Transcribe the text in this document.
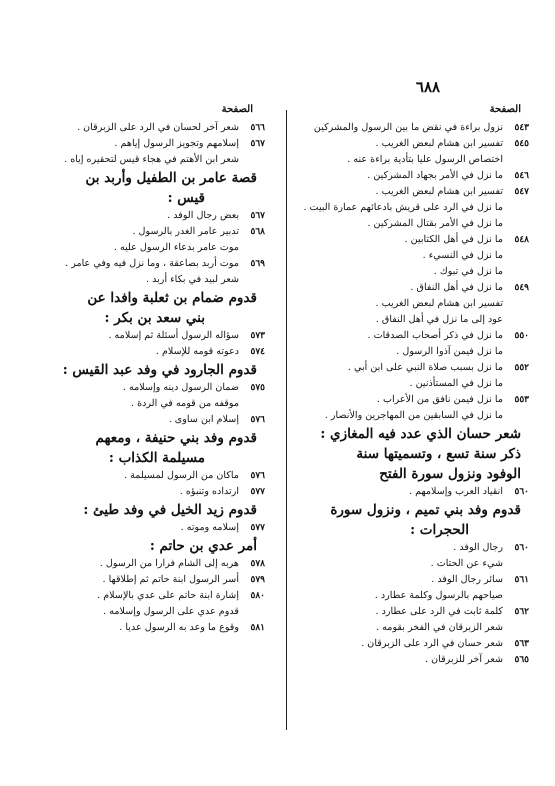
٦٨٨
الصفحة
الصفحة
٥٤٣
نزول براءة في نقض ما بين الرسول والمشركين
٥٤٥
تفسير ابن هشام لبعض الغريب .
اختصاص الرسول عليا بتأدية براءة عنه .
٥٤٦
ما نزل في الأمر بجهاد المشركين .
٥٤٧
تفسير ابن هشام لبعض الغريب .
ما نزل في الرد على قريش بادعائهم عمارة البيت .
ما نزل في الأمر بقتال المشركين .
٥٤٨
ما نزل في أهل الكتابين .
ما نزل في النسيء .
ما نزل في تبوك .
٥٤٩
ما نزل في أهل النفاق .
تفسير ابن هشام لبعض الغريب .
عود إلى ما نزل في أهل النفاق .
٥٥٠
ما نزل في ذكر أصحاب الصدقات .
ما نزل فيمن آذوا الرسول .
٥٥٢
ما نزل بسبب صلاة النبي على ابن أبي .
ما نزل في المستأذنين .
٥٥٣
ما نزل فيمن نافق من الأعراب .
ما نزل في السابقين من المهاجرين والأنصار .
شعر حسان الذي عدد فيه المغازي :
ذكر سنة تسع ، وتسميتها سنة
الوفود ونزول سورة الفتح
٥٦٠
انقياد العرب وإسلامهم .
قدوم وفد بني تميم ، ونزول سورة
الحجرات :
٥٦٠
رجال الوفد .
شيء عن الحتات .
٥٦١
سائر رجال الوفد .
صياحهم بالرسول وكلمة عطارد .
٥٦٢
كلمة ثابت في الرد على عطارد .
شعر الزبرقان في الفخر بقومه .
٥٦٣
شعر حسان في الرد على الزبرقان .
٥٦٥
شعر آخر للزبرقان .
٥٦٦
شعر آخر لحسان في الرد على الزبرقان .
٥٦٧
إسلامهم وتجويز الرسول إياهم .
شعر ابن الأهتم في هجاء قيس لتحقيره إياه .
قصة عامر بن الطفيل وأربد بن
قيس :
٥٦٧
بعض رجال الوفد .
٥٦٨
تدبير عامر الغدر بالرسول .
موت عامر بدعاء الرسول عليه .
٥٦٩
موت أربد بصاعقة ، وما نزل فيه وفي عامر .
شعر لبيد في بكاء أربد .
قدوم ضمام بن ثعلبة وافدا عن
بني سعد بن بكر :
٥٧٣
سؤاله الرسول أسئلة ثم إسلامه .
٥٧٤
دعوته قومه للإسلام .
قدوم الجارود في وفد عبد القيس :
٥٧٥
ضمان الرسول دينه وإسلامه .
موقفه من قومه في الردة .
٥٧٦
إسلام ابن ساوى .
قدوم وفد بني حنيفة ، ومعهم
مسيلمة الكذاب :
٥٧٦
ماكان من الرسول لمسيلمة .
٥٧٧
ارتداده وتنبؤه .
قدوم زيد الخيل في وفد طيئ :
٥٧٧
إسلامه وموته .
أمر عدي بن حاتم :
٥٧٨
هربه إلى الشام فرارا من الرسول .
٥٧٩
أسر الرسول ابنة حاتم ثم إطلاقها .
٥٨٠
إشارة ابنة حاتم على عدي بالإسلام .
قدوم عدي على الرسول وإسلامه .
٥٨١
وقوع ما وعد به الرسول عديا .
